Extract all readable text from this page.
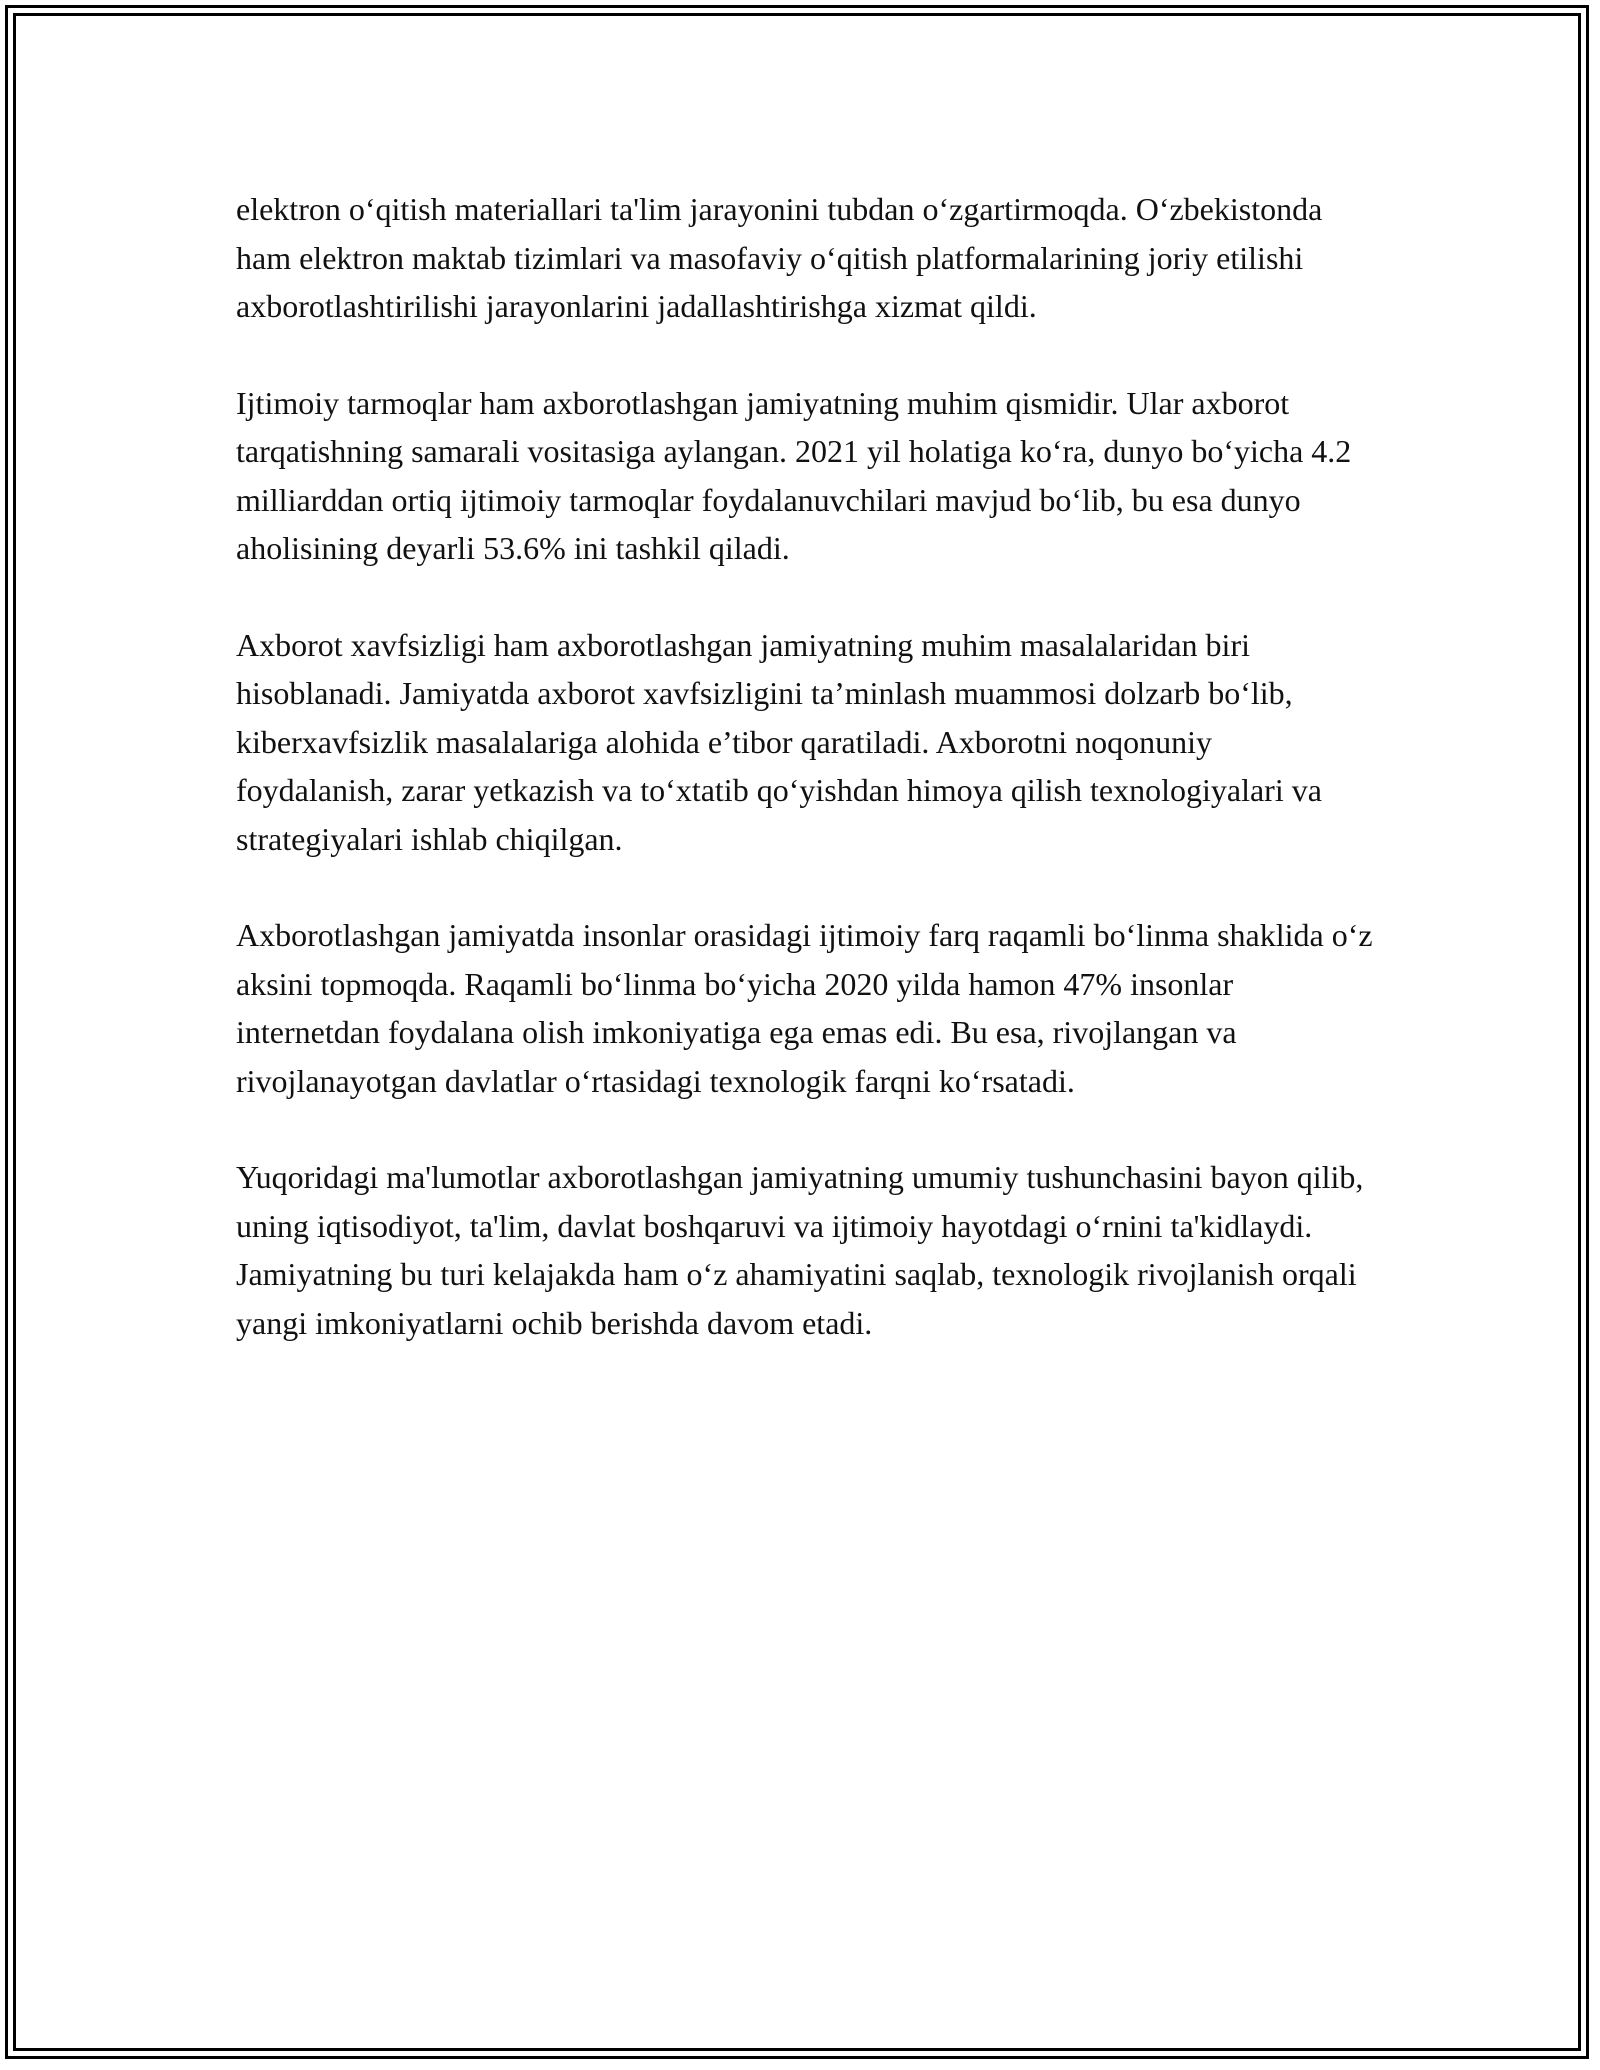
elektron o‘qitish materiallari ta'lim jarayonini tubdan o‘zgartirmoqda. O‘zbekistonda ham elektron maktab tizimlari va masofaviy o‘qitish platformalarining joriy etilishi axborotlashtirilishi jarayonlarini jadallashtirishga xizmat qildi.

Ijtimoiy tarmoqlar ham axborotlashgan jamiyatning muhim qismidir. Ular axborot tarqatishning samarali vositasiga aylangan. 2021 yil holatiga ko‘ra, dunyo bo‘yicha 4.2 milliarddan ortiq ijtimoiy tarmoqlar foydalanuvchilari mavjud bo‘lib, bu esa dunyo aholisining deyarli 53.6% ini tashkil qiladi.

Axborot xavfsizligi ham axborotlashgan jamiyatning muhim masalalaridan biri hisoblanadi. Jamiyatda axborot xavfsizligini ta’minlash muammosi dolzarb bo‘lib, kiberxavfsizlik masalalariga alohida e’tibor qaratiladi. Axborotni noqonuniy foydalanish, zarar yetkazish va to‘xtatib qo‘yishdan himoya qilish texnologiyalari va strategiyalari ishlab chiqilgan.

Axborotlashgan jamiyatda insonlar orasidagi ijtimoiy farq raqamli bo‘linma shaklida o‘z aksini topmoqda. Raqamli bo‘linma bo‘yicha 2020 yilda hamon 47% insonlar internetdan foydalana olish imkoniyatiga ega emas edi. Bu esa, rivojlangan va rivojlanayotgan davlatlar o‘rtasidagi texnologik farqni ko‘rsatadi.

Yuqoridagi ma'lumotlar axborotlashgan jamiyatning umumiy tushunchasini bayon qilib, uning iqtisodiyot, ta'lim, davlat boshqaruvi va ijtimoiy hayotdagi o‘rnini ta'kidlaydi. Jamiyatning bu turi kelajakda ham o‘z ahamiyatini saqlab, texnologik rivojlanish orqali yangi imkoniyatlarni ochib berishda davom etadi.
